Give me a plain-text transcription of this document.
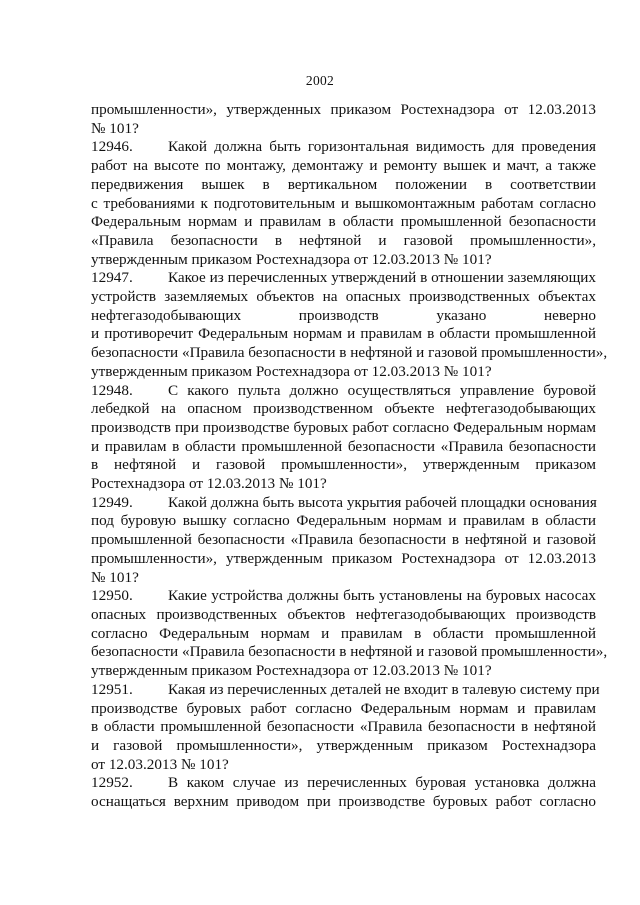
2002
промышленности», утвержденных приказом Ростехнадзора от 12.03.2013
№ 101?
12946. Какой должна быть горизонтальная видимость для проведения
работ на высоте по монтажу, демонтажу и ремонту вышек и мачт, а также
передвижения вышек в вертикальном положении в соответствии
с требованиями к подготовительным и вышкомонтажным работам согласно
Федеральным нормам и правилам в области промышленной безопасности
«Правила безопасности в нефтяной и газовой промышленности»,
утвержденным приказом Ростехнадзора от 12.03.2013 № 101?
12947. Какое из перечисленных утверждений в отношении заземляющих
устройств заземляемых объектов на опасных производственных объектах
нефтегазодобывающих производств указано неверно
и противоречит Федеральным нормам и правилам в области промышленной
безопасности «Правила безопасности в нефтяной и газовой промышленности»,
утвержденным приказом Ростехнадзора от 12.03.2013 № 101?
12948. С какого пульта должно осуществляться управление буровой
лебедкой на опасном производственном объекте нефтегазодобывающих
производств при производстве буровых работ согласно Федеральным нормам
и правилам в области промышленной безопасности «Правила безопасности
в нефтяной и газовой промышленности», утвержденным приказом
Ростехнадзора от 12.03.2013 № 101?
12949. Какой должна быть высота укрытия рабочей площадки основания
под буровую вышку согласно Федеральным нормам и правилам в области
промышленной безопасности «Правила безопасности в нефтяной и газовой
промышленности», утвержденным приказом Ростехнадзора от 12.03.2013
№ 101?
12950. Какие устройства должны быть установлены на буровых насосах
опасных производственных объектов нефтегазодобывающих производств
согласно Федеральным нормам и правилам в области промышленной
безопасности «Правила безопасности в нефтяной и газовой промышленности»,
утвержденным приказом Ростехнадзора от 12.03.2013 № 101?
12951. Какая из перечисленных деталей не входит в талевую систему при
производстве буровых работ согласно Федеральным нормам и правилам
в области промышленной безопасности «Правила безопасности в нефтяной
и газовой промышленности», утвержденным приказом Ростехнадзора
от 12.03.2013 № 101?
12952. В каком случае из перечисленных буровая установка должна
оснащаться верхним приводом при производстве буровых работ согласно
